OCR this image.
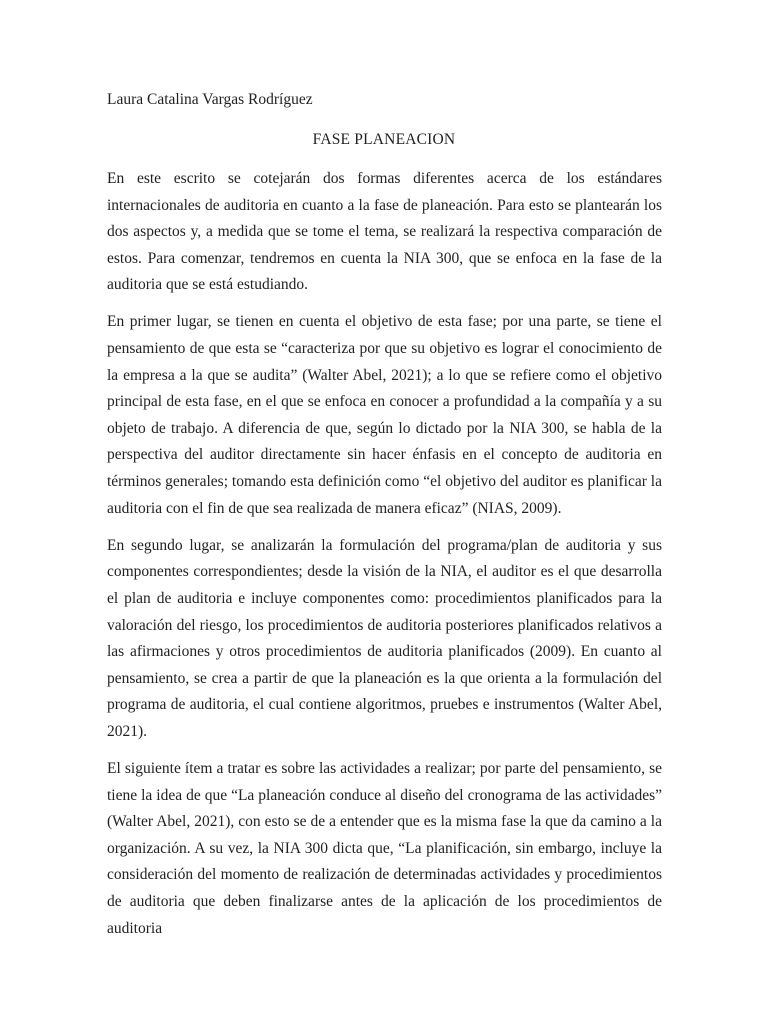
Laura Catalina Vargas Rodríguez
FASE PLANEACION

En este escrito se cotejarán dos formas diferentes acerca de los estándares internacionales de auditoria en cuanto a la fase de planeación. Para esto se plantearán los dos aspectos y, a medida que se tome el tema, se realizará la respectiva comparación de estos. Para comenzar, tendremos en cuenta la NIA 300, que se enfoca en la fase de la auditoria que se está estudiando.

En primer lugar, se tienen en cuenta el objetivo de esta fase; por una parte, se tiene el pensamiento de que esta se “caracteriza por que su objetivo es lograr el conocimiento de la empresa a la que se audita” (Walter Abel, 2021); a lo que se refiere como el objetivo principal de esta fase, en el que se enfoca en conocer a profundidad a la compañía y a su objeto de trabajo. A diferencia de que, según lo dictado por la NIA 300, se habla de la perspectiva del auditor directamente sin hacer énfasis en el concepto de auditoria en términos generales; tomando esta definición como “el objetivo del auditor es planificar la auditoria con el fin de que sea realizada de manera eficaz” (NIAS, 2009).

En segundo lugar, se analizarán la formulación del programa/plan de auditoria y sus componentes correspondientes; desde la visión de la NIA, el auditor es el que desarrolla el plan de auditoria e incluye componentes como: procedimientos planificados para la valoración del riesgo, los procedimientos de auditoria posteriores planificados relativos a las afirmaciones y otros procedimientos de auditoria planificados (2009). En cuanto al pensamiento, se crea a partir de que la planeación es la que orienta a la formulación del programa de auditoria, el cual contiene algoritmos, pruebes e instrumentos (Walter Abel, 2021).

El siguiente ítem a tratar es sobre las actividades a realizar; por parte del pensamiento, se tiene la idea de que “La planeación conduce al diseño del cronograma de las actividades” (Walter Abel, 2021), con esto se de a entender que es la misma fase la que da camino a la organización. A su vez, la NIA 300 dicta que, “La planificación, sin embargo, incluye la consideración del momento de realización de determinadas actividades y procedimientos de auditoria que deben finalizarse antes de la aplicación de los procedimientos de auditoria
